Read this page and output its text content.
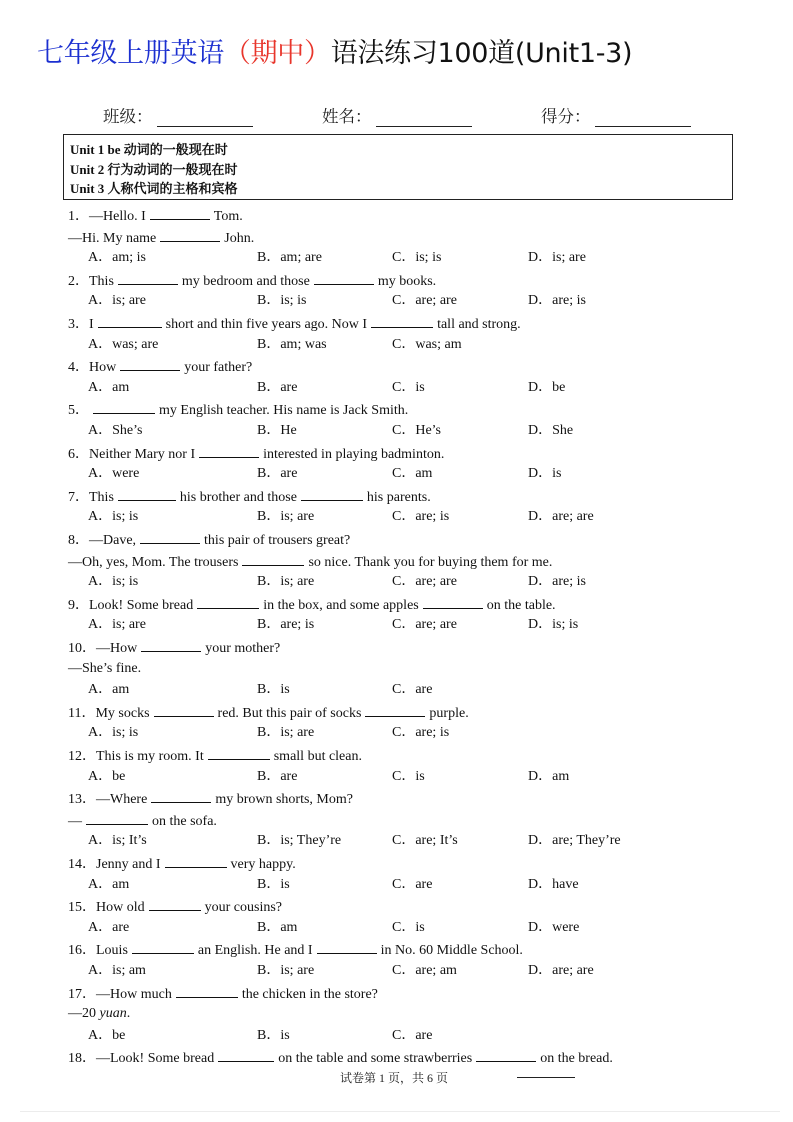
七年级上册英语（期中）语法练习100道(Unit1-3)
班级：	姓名：	得分：
Unit 1 be 动词的一般现在时
Unit 2 行为动词的一般现在时
Unit 3 人称代词的主格和宾格
1．—Hello. I	Tom.
—Hi. My name	John.
A．am; is	B．am; are	C．is; is	D．is; are
2．This	my bedroom and those	my books.
A．is; are	B．is; is	C．are; are	D．are; is
3．I	short and thin five years ago. Now I	tall and strong.
A．was; are	B．am; was	C．was; am
4．How	your father?
A．am	B．are	C．is	D．be
5．	my English teacher. His name is Jack Smith.
A．She’s	B．He	C．He’s	D．She
6．Neither Mary nor I	interested in playing badminton.
A．were	B．are	C．am	D．is
7．This	his brother and those	his parents.
A．is; is	B．is; are	C．are; is	D．are; are
8．—Dave,	this pair of trousers great?
—Oh, yes, Mom. The trousers	so nice. Thank you for buying them for me.
A．is; is	B．is; are	C．are; are	D．are; is
9．Look! Some bread	in the box, and some apples	on the table.
A．is; are	B．are; is	C．are; are	D．is; is
10．—How	your mother?
—She’s fine.
A．am	B．is	C．are
11．My socks	red. But this pair of socks	purple.
A．is; is	B．is; are	C．are; is
12．This is my room. It	small but clean.
A．be	B．are	C．is	D．am
13．—Where	my brown shorts, Mom?
—	on the sofa.
A．is; It’s	B．is; They’re	C．are; It’s	D．are; They’re
14．Jenny and I	very happy.
A．am	B．is	C．are	D．have
15．How old	your cousins?
A．are	B．am	C．is	D．were
16．Louis	an English. He and I	in No. 60 Middle School.
A．is; am	B．is; are	C．are; am	D．are; are
17．—How much	the chicken in the store?
—20 yuan.
A．be	B．is	C．are
18．—Look! Some bread	on the table and some strawberries	on the bread.
试卷第 1 页，共 6 页
